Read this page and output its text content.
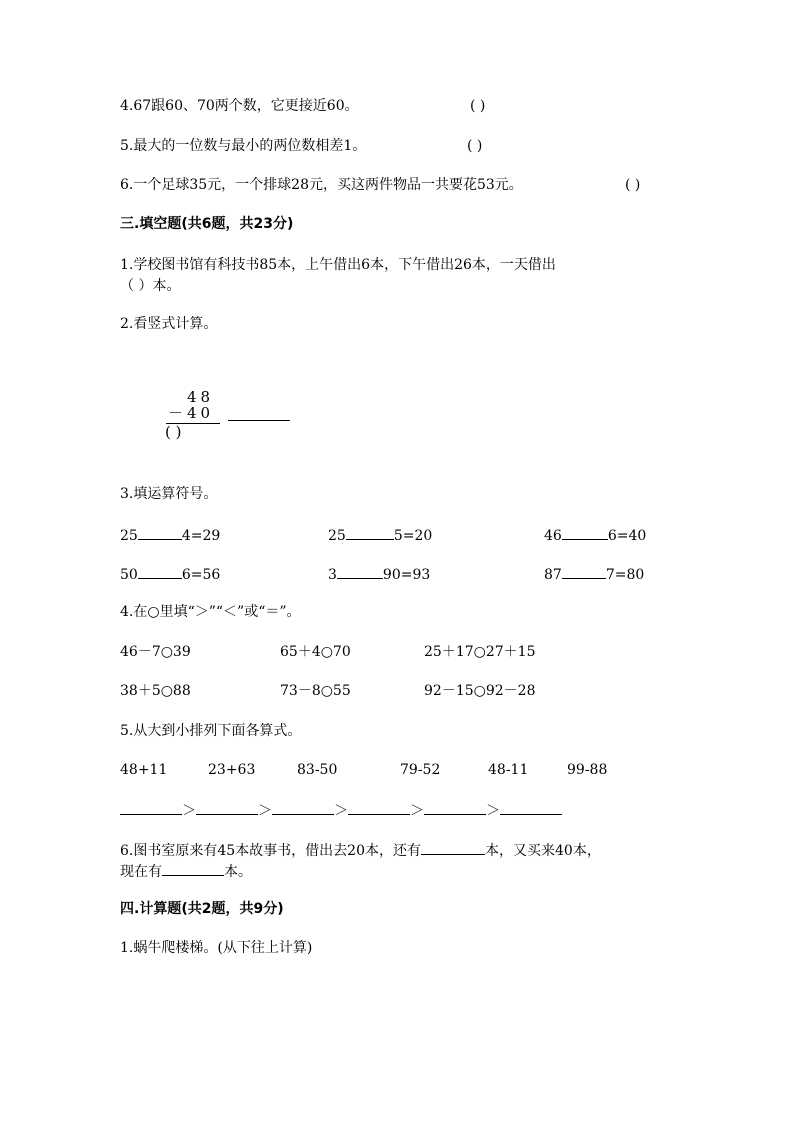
4.67跟60、70两个数，它更接近60。	( )
5.最大的一位数与最小的两位数相差1。	( )
6.一个足球35元，一个排球28元，买这两件物品一共要花53元。	( )
三.填空题(共6题，共23分)
1.学校图书馆有科技书85本，上午借出6本，下午借出26本，一天借出
（ ）本。
2.看竖式计算。
48
－40
( )
3.填运算符号。
25	4=29	25	5=20	46	6=40
50	6=56	3	90=93	87	7=80
4.在○里填“＞”“＜”或“＝”。
46－7○39	65＋4○70	25＋17○27＋15
38＋5○88	73－8○55	92－15○92－28
5.从大到小排列下面各算式。
48+11	23+63	83-50	79-52	48-11	99-88
＞	＞	＞	＞	＞
6.图书室原来有45本故事书，借出去20本，还有	本，又买来40本，
现在有	本。
四.计算题(共2题，共9分)
1.蜗牛爬楼梯。(从下往上计算)
